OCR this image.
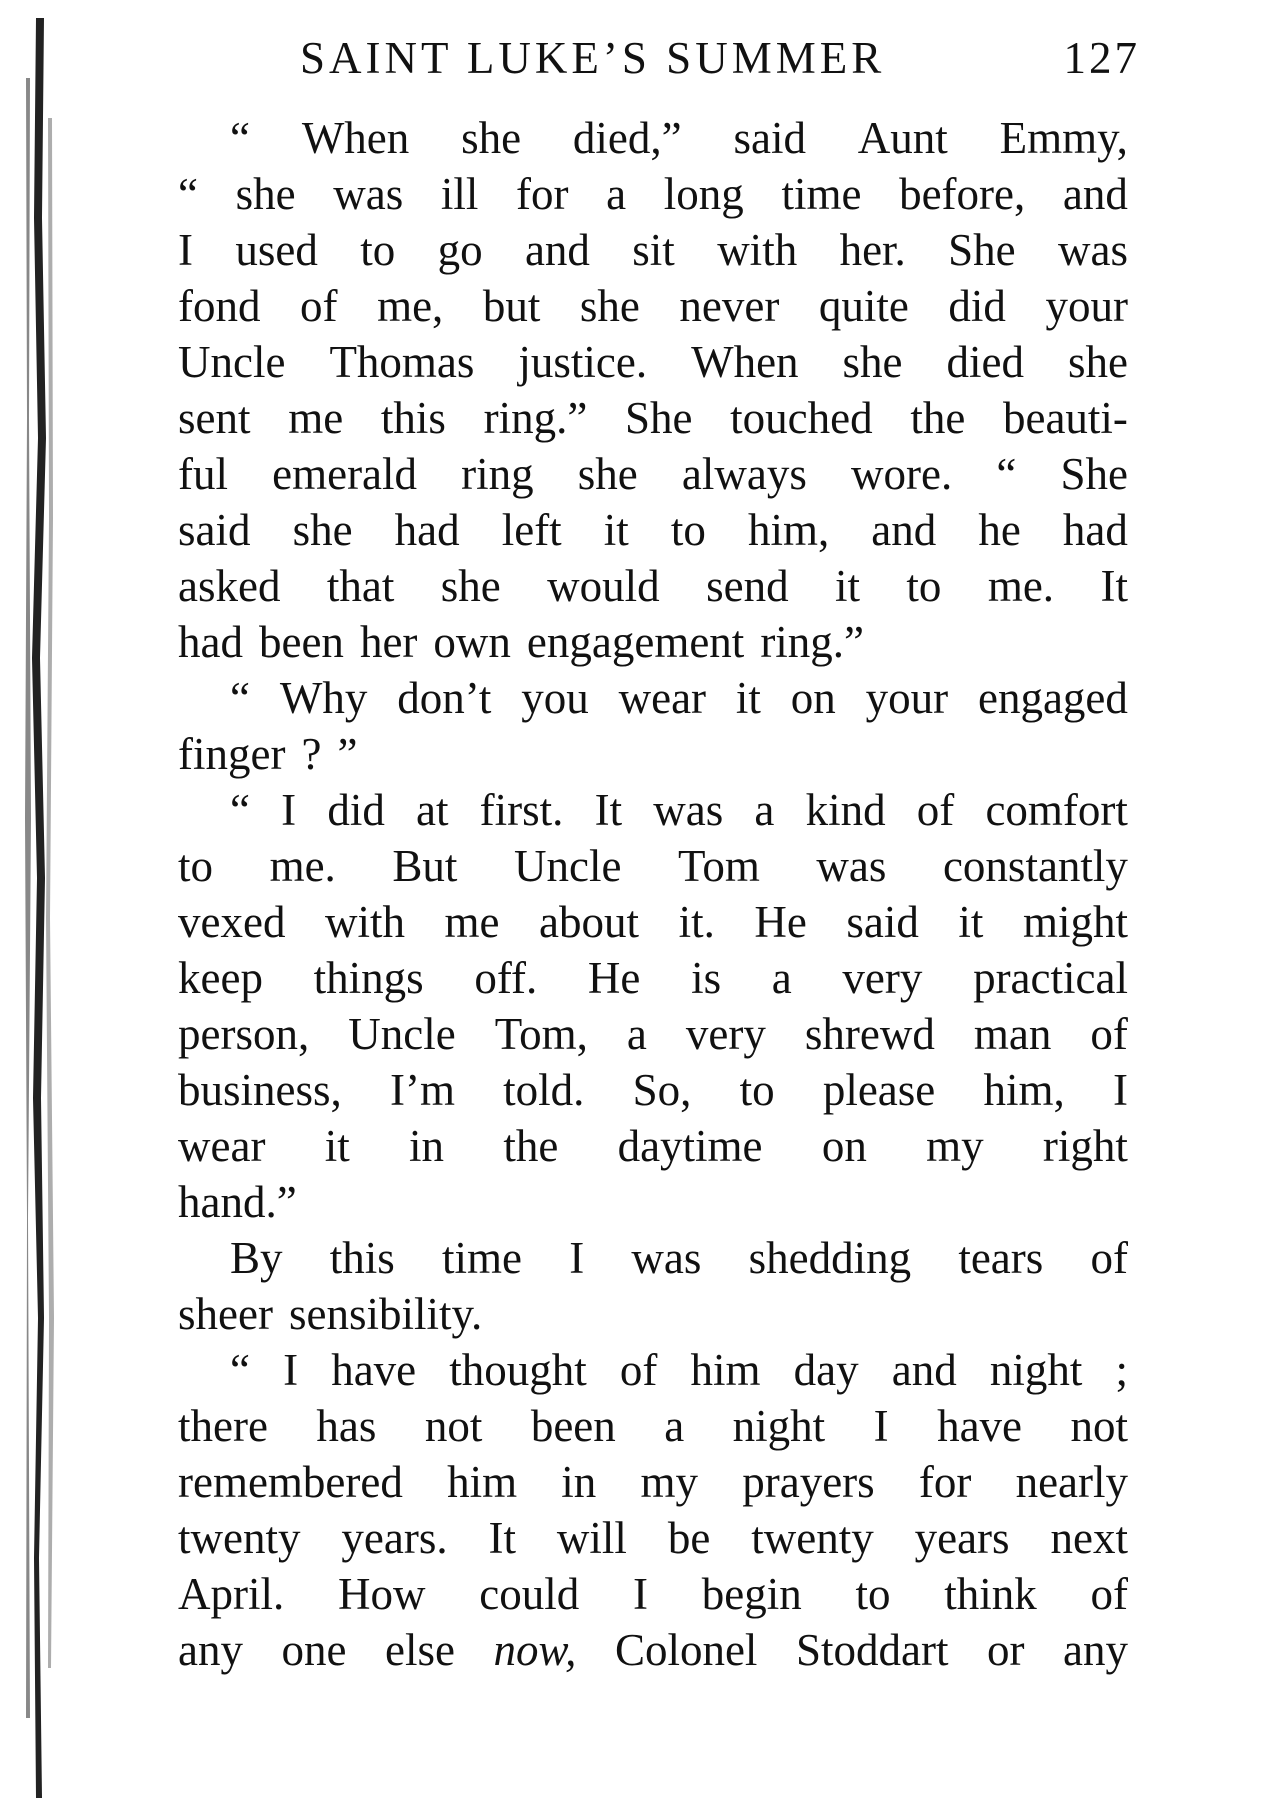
SAINT LUKE’S SUMMER	127
“ When she died,” said Aunt Emmy,
“ she was ill for a long time before, and
I used to go and sit with her. She was
fond of me, but she never quite did your
Uncle Thomas justice. When she died she
sent me this ring.” She touched the beauti-
ful emerald ring she always wore. “ She
said she had left it to him, and he had
asked that she would send it to me. It
had been her own engagement ring.”
“ Why don’t you wear it on your engaged
finger ? ”
“ I did at first. It was a kind of comfort
to me. But Uncle Tom was constantly
vexed with me about it. He said it might
keep things off. He is a very practical
person, Uncle Tom, a very shrewd man of
business, I’m told. So, to please him, I
wear it in the daytime on my right
hand.”
By this time I was shedding tears of
sheer sensibility.
“ I have thought of him day and night ;
there has not been a night I have not
remembered him in my prayers for nearly
twenty years. It will be twenty years next
April. How could I begin to think of
any one else now, Colonel Stoddart or any
